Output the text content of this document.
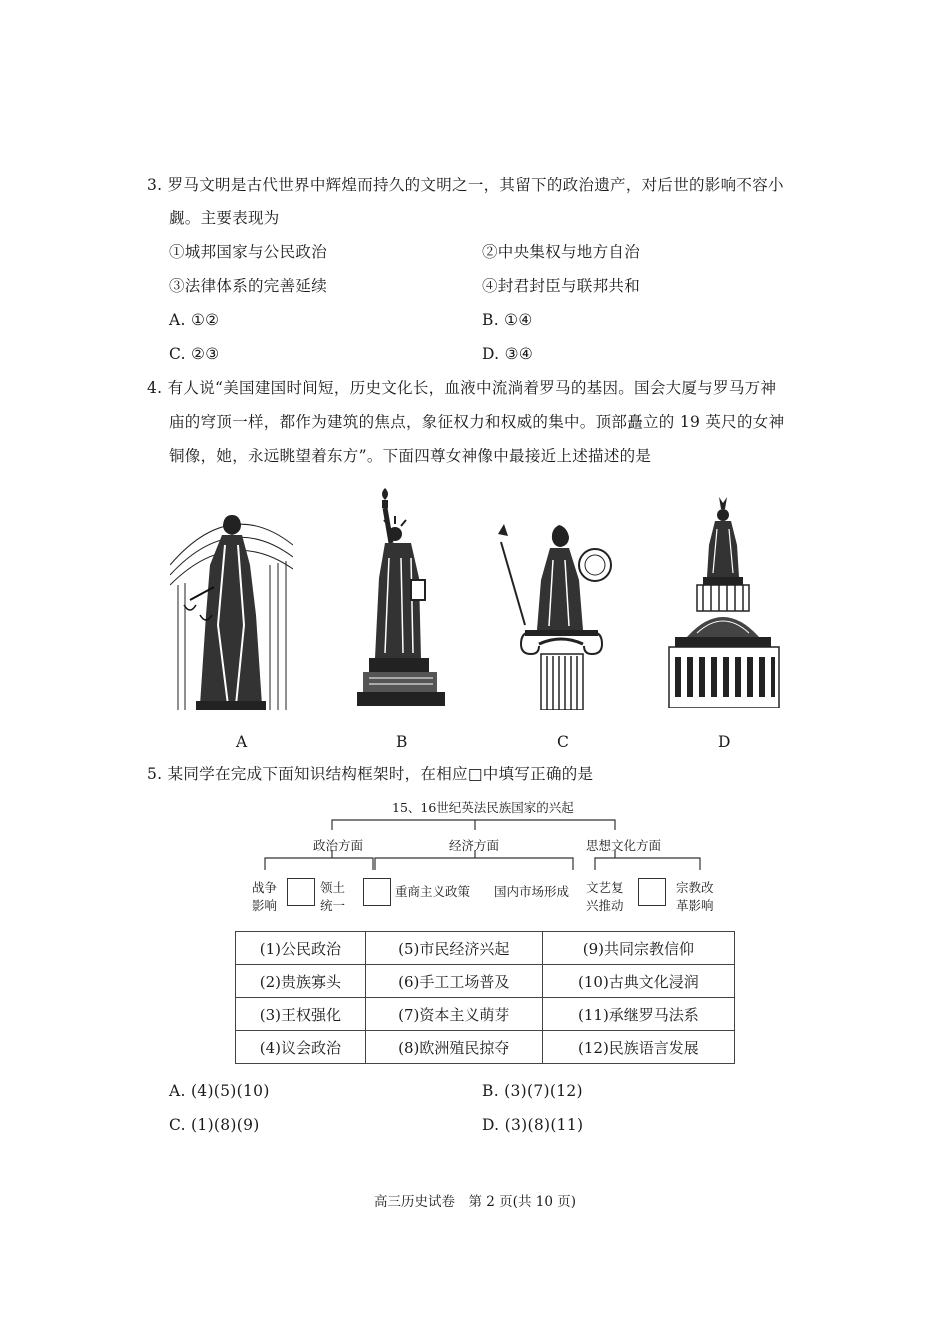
3. 罗马文明是古代世界中辉煌而持久的文明之一，其留下的政治遗产，对后世的影响不容小
觑。主要表现为
①城邦国家与公民政治	②中央集权与地方自治
③法律体系的完善延续	④封君封臣与联邦共和
A. ①②	B. ①④
C. ②③	D. ③④
4. 有人说“美国建国时间短，历史文化长，血液中流淌着罗马的基因。国会大厦与罗马万神
庙的穹顶一样，都作为建筑的焦点，象征权力和权威的集中。顶部矗立的 19 英尺的女神
铜像，她，永远眺望着东方”。下面四尊女神像中最接近上述描述的是
A	B	C	D
5. 某同学在完成下面知识结构框架时，在相应□中填写正确的是
15、16世纪英法民族国家的兴起
政治方面	经济方面	思想文化方面
战争
影响
领土
统一
重商主义政策 国内市场形成 文艺复
兴推动
宗教改
革影响
(1)公民政治	(5)市民经济兴起	(9)共同宗教信仰
(2)贵族寡头	(6)手工工场普及	(10)古典文化浸润
(3)王权强化	(7)资本主义萌芽	(11)承继罗马法系
(4)议会政治	(8)欧洲殖民掠夺	(12)民族语言发展
A. (4)(5)(10)	B. (3)(7)(12)
C. (1)(8)(9)	D. (3)(8)(11)
高三历史试卷　第 2 页(共 10 页)
